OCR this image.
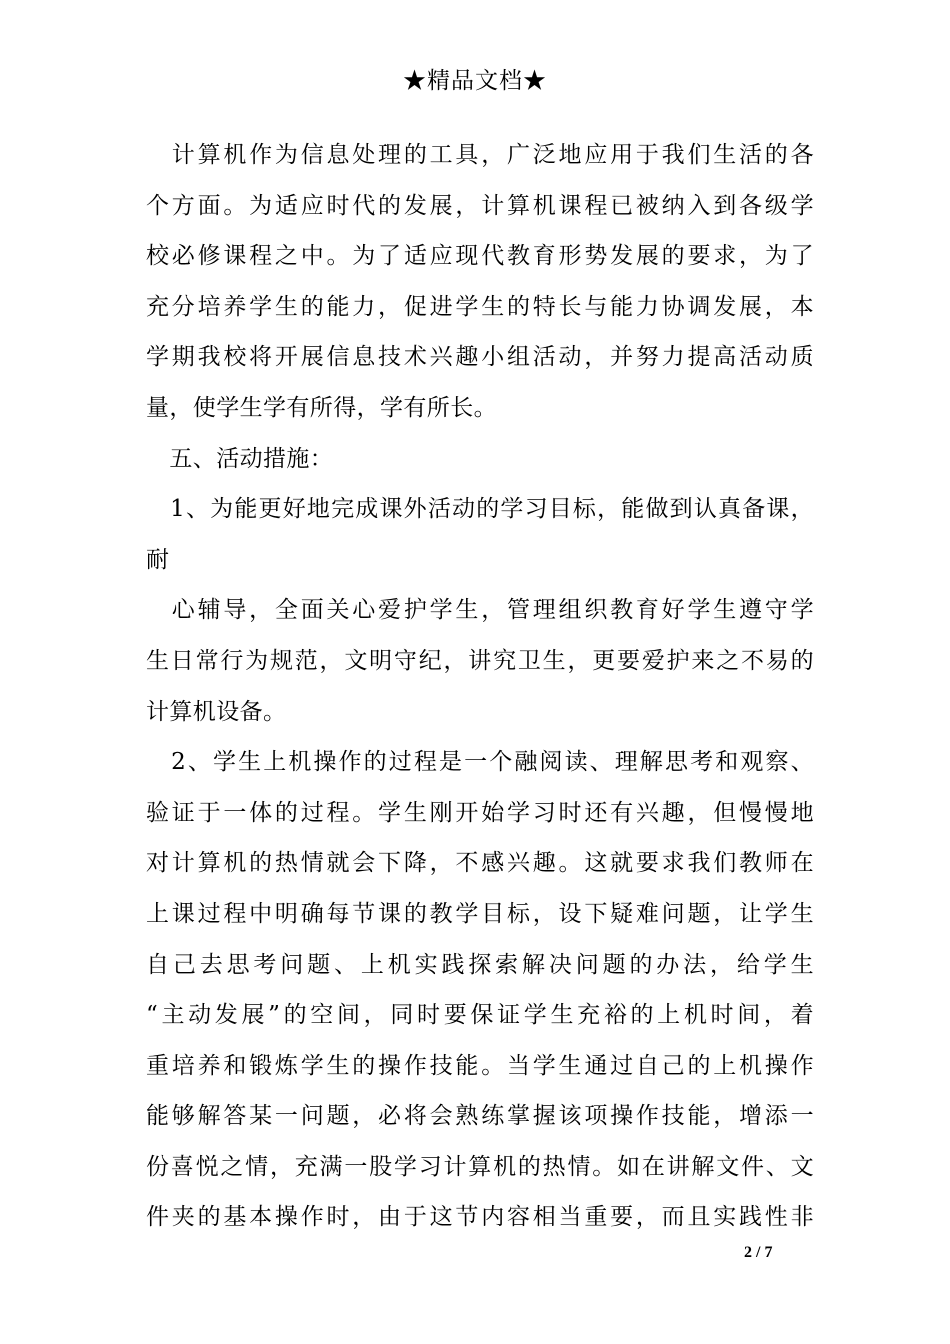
★精品文档★
　计算机作为信息处理的工具，广泛地应用于我们生活的各
个方面。为适应时代的发展，计算机课程已被纳入到各级学
校必修课程之中。为了适应现代教育形势发展的要求，为了
充分培养学生的能力，促进学生的特长与能力协调发展，本
学期我校将开展信息技术兴趣小组活动，并努力提高活动质
量，使学生学有所得，学有所长。
　五、活动措施：
　1、为能更好地完成课外活动的学习目标，能做到认真备课，
耐
　心辅导，全面关心爱护学生，管理组织教育好学生遵守学
生日常行为规范，文明守纪，讲究卫生，更要爱护来之不易的
计算机设备。
　2、学生上机操作的过程是一个融阅读、理解思考和观察、
验证于一体的过程。学生刚开始学习时还有兴趣，但慢慢地
对计算机的热情就会下降，不感兴趣。这就要求我们教师在
上课过程中明确每节课的教学目标，设下疑难问题，让学生
自己去思考问题、上机实践探索解决问题的办法，给学生
“主动发展”的空间，同时要保证学生充裕的上机时间，着
重培养和锻炼学生的操作技能。当学生通过自己的上机操作
能够解答某一问题，必将会熟练掌握该项操作技能，增添一
份喜悦之情，充满一股学习计算机的热情。如在讲解文件、文
件夹的基本操作时，由于这节内容相当重要，而且实践性非
2 / 7
